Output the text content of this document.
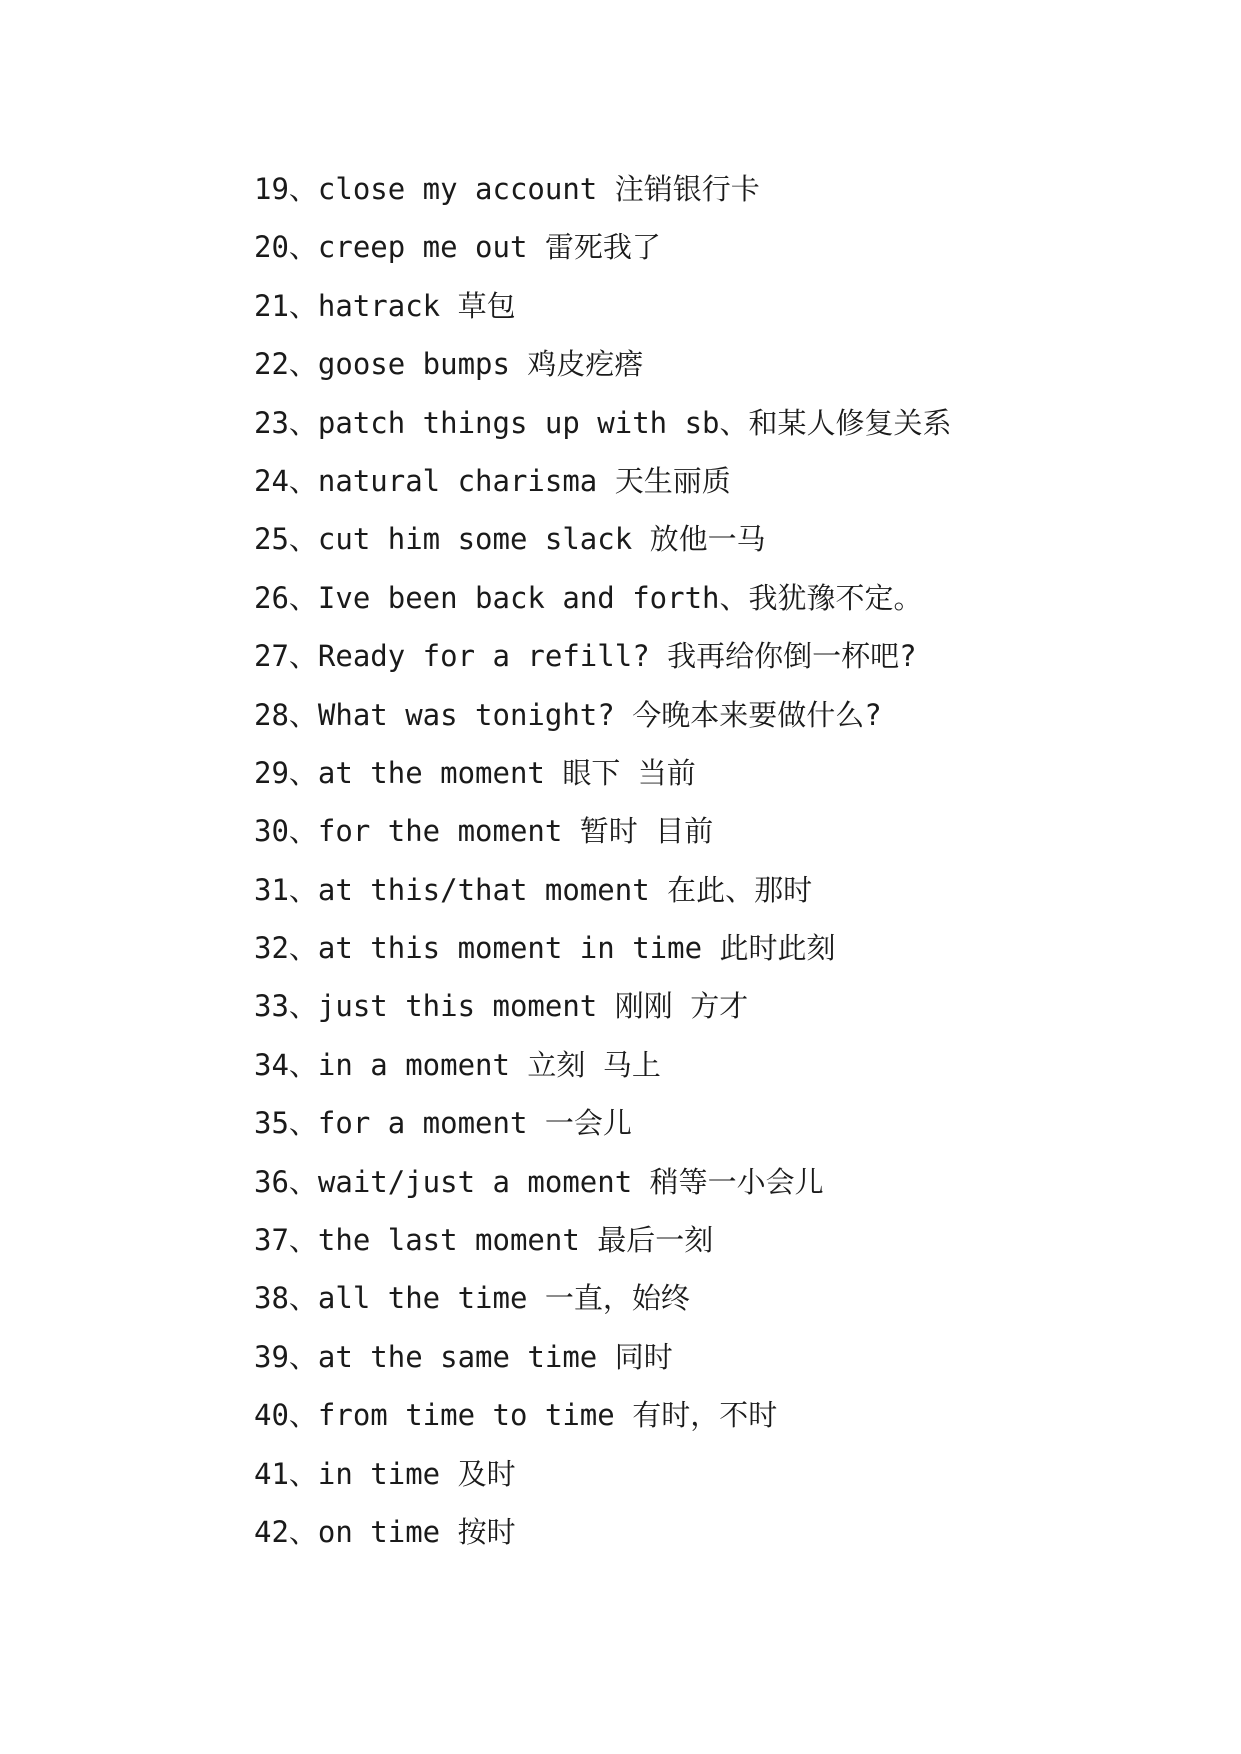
19、close my account 注销银行卡
20、creep me out 雷死我了
21、hatrack 草包
22、goose bumps 鸡皮疙瘩
23、patch things up with sb、和某人修复关系
24、natural charisma 天生丽质
25、cut him some slack 放他一马
26、Ive been back and forth、我犹豫不定。
27、Ready for a refill? 我再给你倒一杯吧?
28、What was tonight? 今晚本来要做什么?
29、at the moment 眼下 当前
30、for the moment 暂时 目前
31、at this/that moment 在此、那时
32、at this moment in time 此时此刻
33、just this moment 刚刚 方才
34、in a moment 立刻 马上
35、for a moment 一会儿
36、wait/just a moment 稍等一小会儿
37、the last moment 最后一刻
38、all the time 一直，始终
39、at the same time 同时
40、from time to time 有时，不时
41、in time 及时
42、on time 按时
